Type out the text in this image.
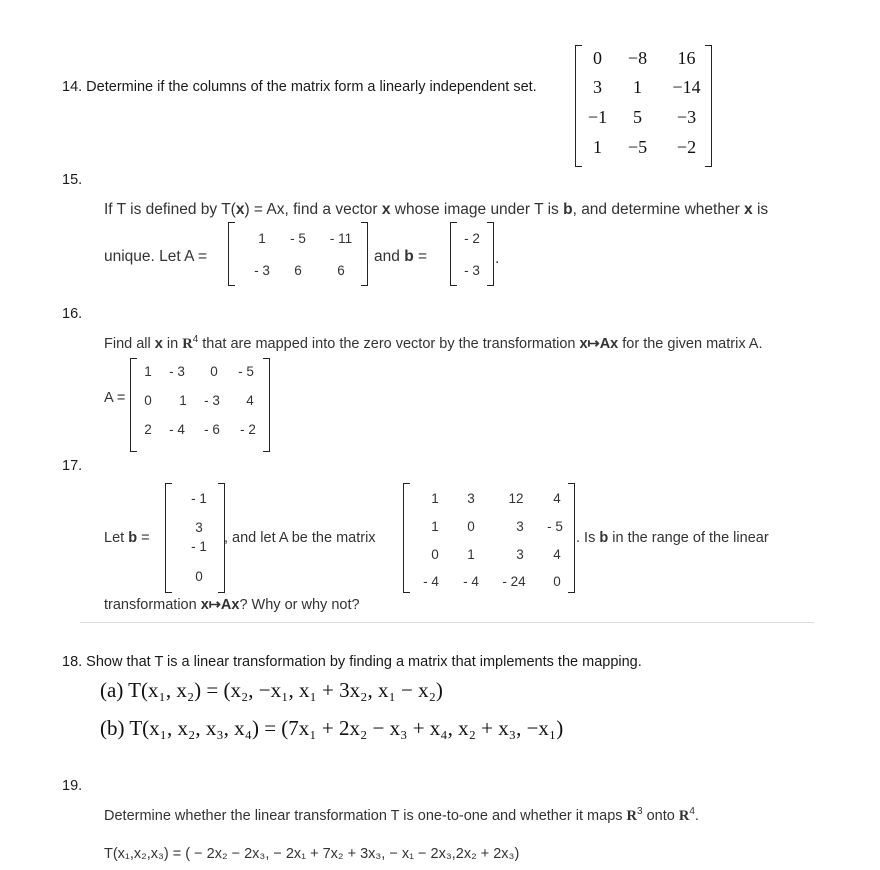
14. Determine if the columns of the matrix form a linearly independent set.
0	−8	16
3	1	−14
−1	5	−3
1	−5	−2
15.
If T is defined by T(x) = Ax, find a vector x whose image under T is b, and determine whether x is
unique. Let A =
1	- 5	- 11
- 3	6	6
and b =
- 2
- 3
.
16.
Find all x in $R^4$ that are mapped into the zero vector by the transformation x↦Ax for the given matrix A.
A =
1	- 3	0	- 5
0	1	- 3	4
2	- 4	- 6	- 2
17.
Let b =
- 1
3
- 1
0
, and let A be the matrix
1	3	12	4
1	0	3	- 5
0	1	3	4
- 4	- 4	- 24	0
. Is b in the range of the linear
transformation x↦Ax? Why or why not?
18. Show that T is a linear transformation by finding a matrix that implements the mapping.
(a) T(x₁, x₂) = (x₂, −x₁, x₁ + 3x₂, x₁ − x₂)
(b) T(x₁, x₂, x₃, x₄) = (7x₁ + 2x₂ − x₃ + x₄, x₂ + x₃, −x₁)
19.
Determine whether the linear transformation T is one-to-one and whether it maps $R^3$ onto $R^4$.
T(x₁,x₂,x₃) = ( − 2x₂ − 2x₃, − 2x₁ + 7x₂ + 3x₃, − x₁ − 2x₃,2x₂ + 2x₃)
